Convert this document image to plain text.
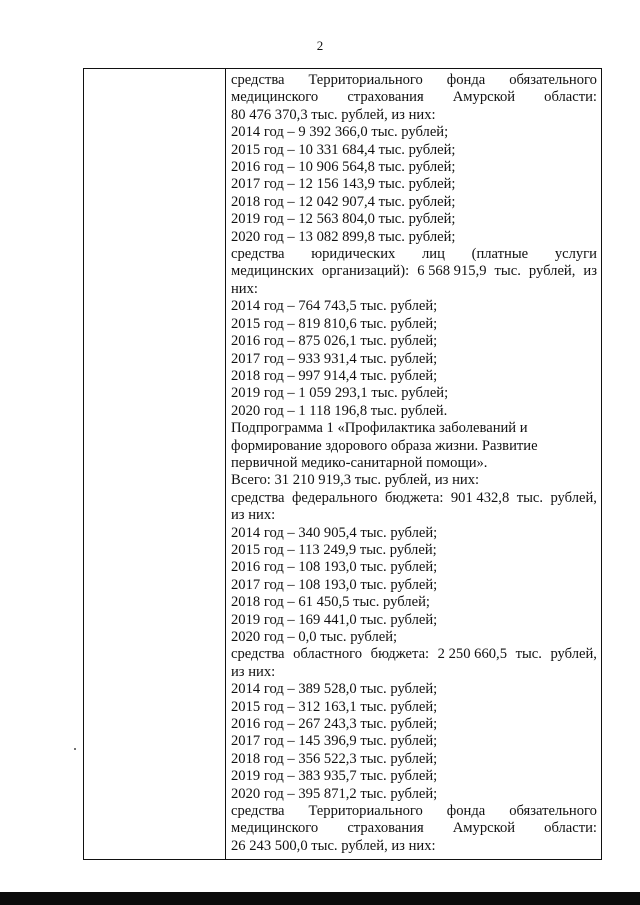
2
средства Территориального фонда обязательного
медицинского страхования Амурской области:
80 476 370,3 тыс. рублей, из них:
2014 год – 9 392 366,0 тыс. рублей;
2015 год – 10 331 684,4 тыс. рублей;
2016 год – 10 906 564,8 тыс. рублей;
2017 год – 12 156 143,9 тыс. рублей;
2018 год – 12 042 907,4 тыс. рублей;
2019 год – 12 563 804,0 тыс. рублей;
2020 год – 13 082 899,8 тыс. рублей;
средства юридических лиц (платные услуги
медицинских организаций): 6 568 915,9 тыс. рублей, из
них:
2014 год – 764 743,5 тыс. рублей;
2015 год – 819 810,6 тыс. рублей;
2016 год – 875 026,1 тыс. рублей;
2017 год – 933 931,4 тыс. рублей;
2018 год – 997 914,4 тыс. рублей;
2019 год – 1 059 293,1 тыс. рублей;
2020 год – 1 118 196,8 тыс. рублей.
Подпрограмма 1 «Профилактика заболеваний и
формирование здорового образа жизни. Развитие
первичной медико-санитарной помощи».
Всего: 31 210 919,3 тыс. рублей, из них:
средства федерального бюджета: 901 432,8 тыс. рублей,
из них:
2014 год – 340 905,4 тыс. рублей;
2015 год – 113 249,9 тыс. рублей;
2016 год – 108 193,0 тыс. рублей;
2017 год – 108 193,0 тыс. рублей;
2018 год – 61 450,5 тыс. рублей;
2019 год – 169 441,0 тыс. рублей;
2020 год – 0,0 тыс. рублей;
средства областного бюджета: 2 250 660,5 тыс. рублей,
из них:
2014 год – 389 528,0 тыс. рублей;
2015 год – 312 163,1 тыс. рублей;
2016 год – 267 243,3 тыс. рублей;
2017 год – 145 396,9 тыс. рублей;
2018 год – 356 522,3 тыс. рублей;
2019 год – 383 935,7 тыс. рублей;
2020 год – 395 871,2 тыс. рублей;
средства Территориального фонда обязательного
медицинского страхования Амурской области:
26 243 500,0 тыс. рублей, из них:
